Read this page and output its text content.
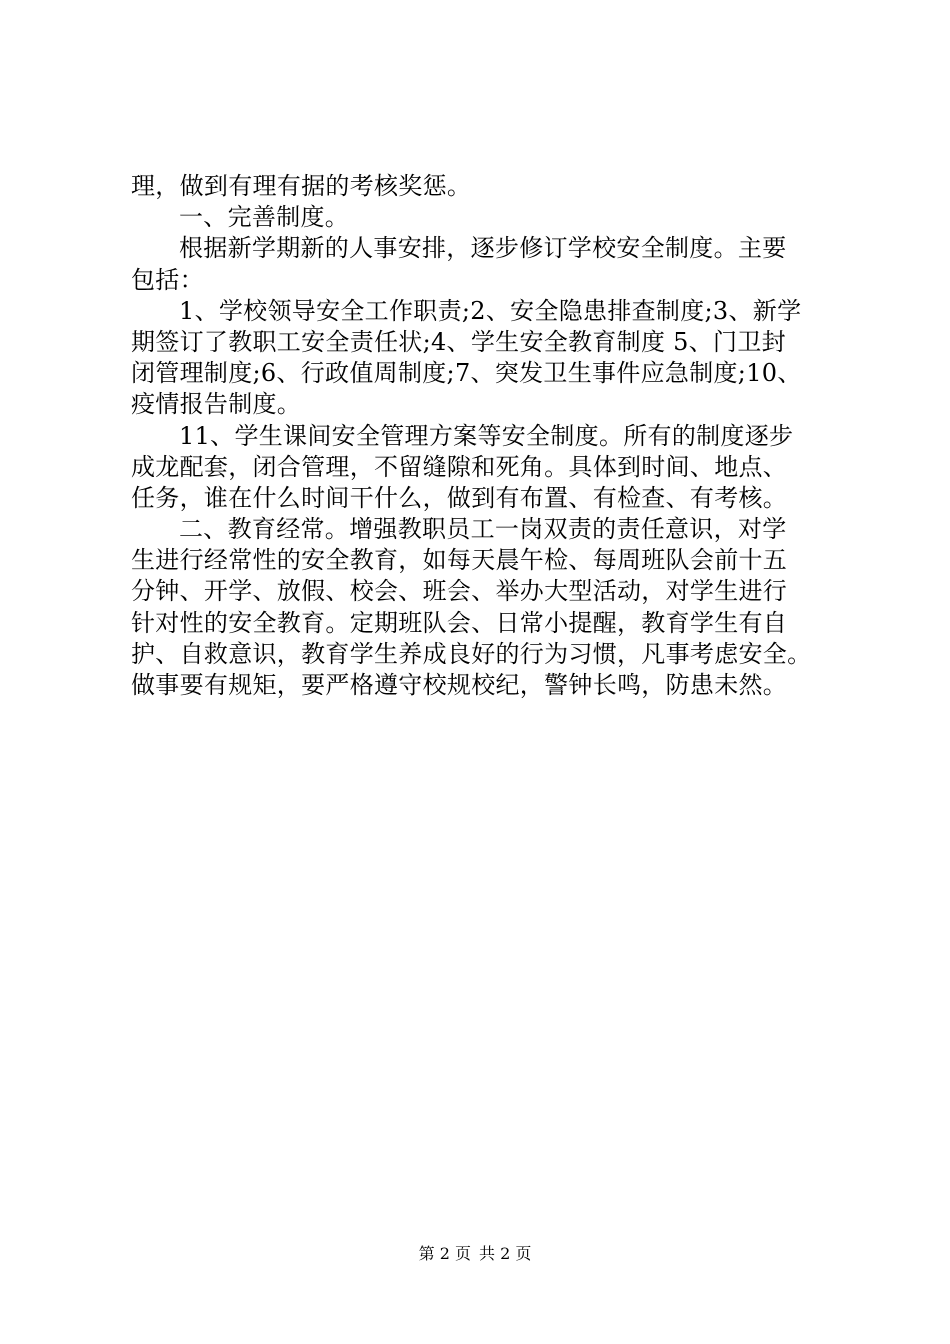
理，做到有理有据的考核奖惩。
一、完善制度。
根据新学期新的人事安排，逐步修订学校安全制度。主要
包括：
1、学校领导安全工作职责;2、安全隐患排查制度;3、新学
期签订了教职工安全责任状;4、学生安全教育制度 5、门卫封
闭管理制度;6、行政值周制度;7、突发卫生事件应急制度;10、
疫情报告制度。
11、学生课间安全管理方案等安全制度。所有的制度逐步
成龙配套，闭合管理，不留缝隙和死角。具体到时间、地点、
任务，谁在什么时间干什么，做到有布置、有检查、有考核。
二、教育经常。增强教职员工一岗双责的责任意识，对学
生进行经常性的安全教育，如每天晨午检、每周班队会前十五
分钟、开学、放假、校会、班会、举办大型活动，对学生进行
针对性的安全教育。定期班队会、日常小提醒，教育学生有自
护、自救意识，教育学生养成良好的行为习惯，凡事考虑安全。
做事要有规矩，要严格遵守校规校纪，警钟长鸣，防患未然。
第 2 页 共 2 页
